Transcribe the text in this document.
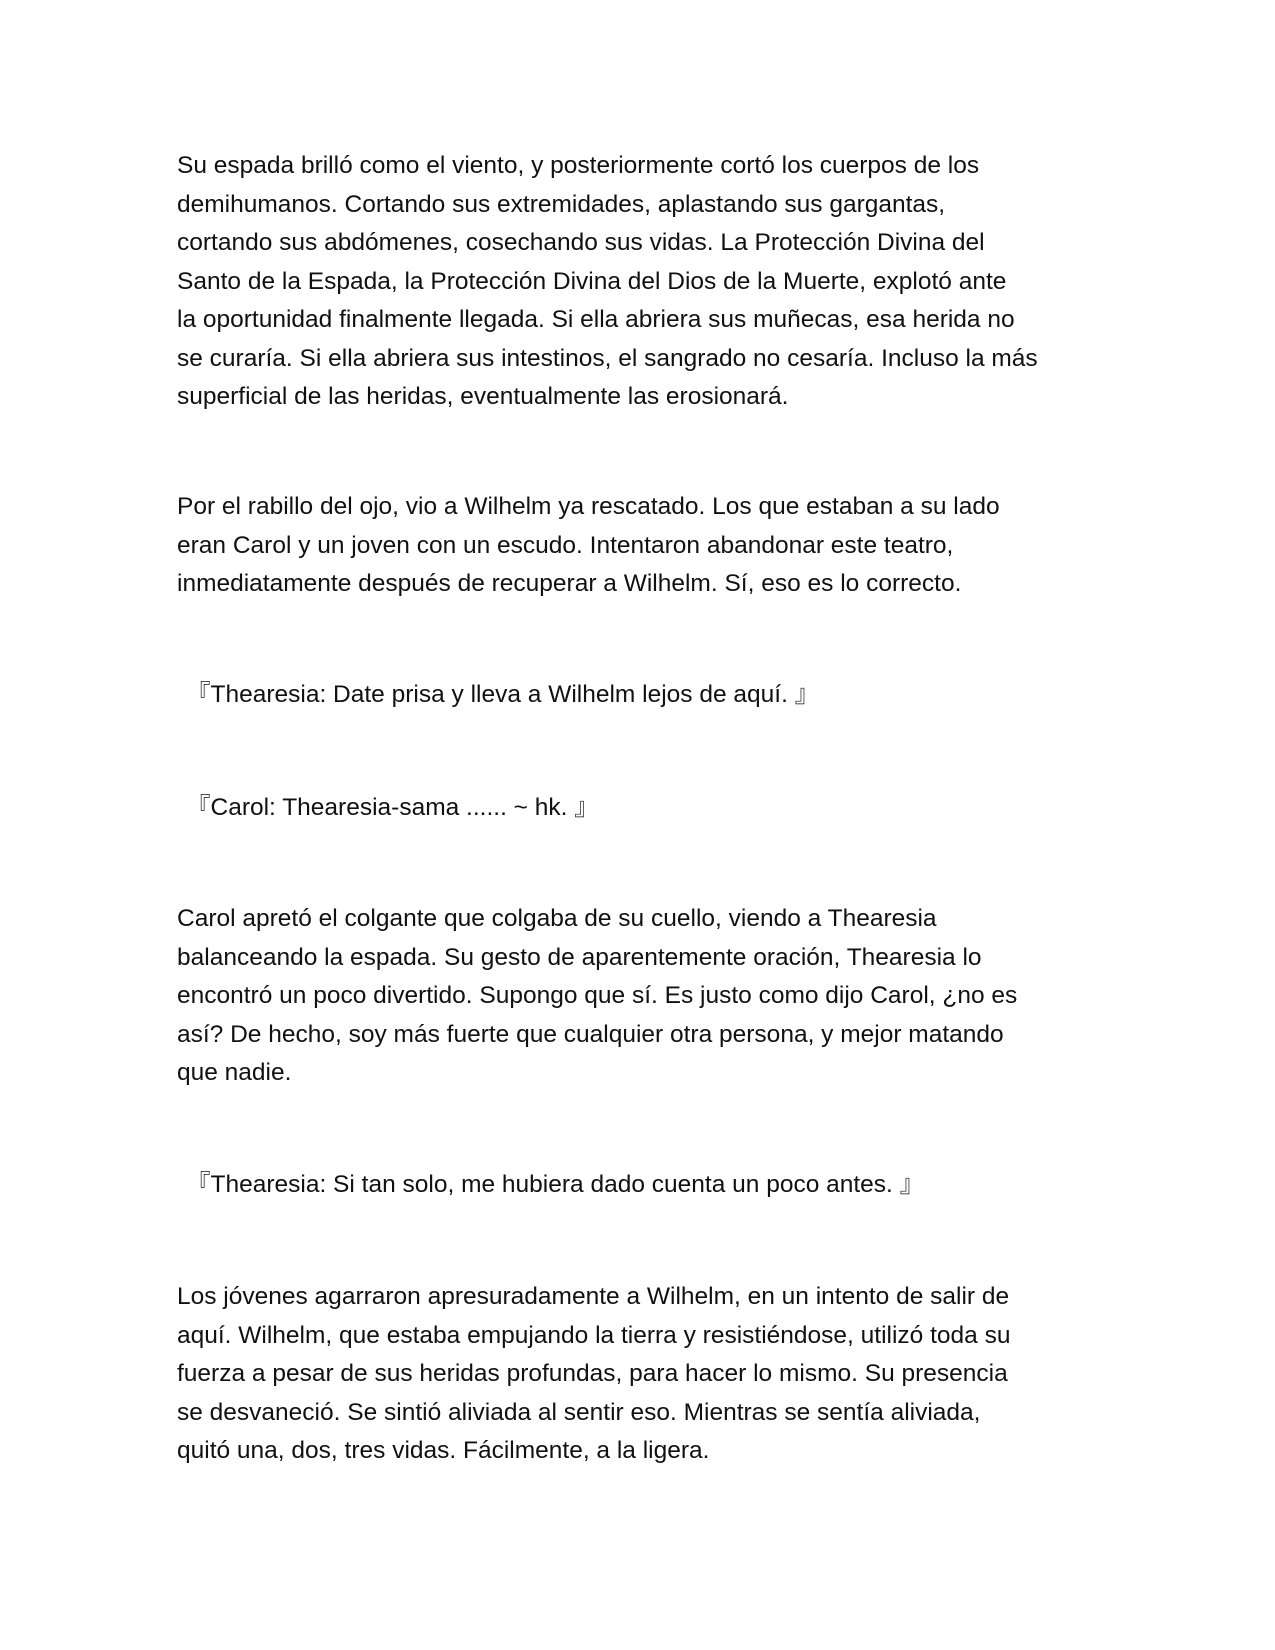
Su espada brilló como el viento, y posteriormente cortó los cuerpos de los
demihumanos. Cortando sus extremidades, aplastando sus gargantas,
cortando sus abdómenes, cosechando sus vidas. La Protección Divina del
Santo de la Espada, la Protección Divina del Dios de la Muerte, explotó ante
la oportunidad finalmente llegada. Si ella abriera sus muñecas, esa herida no
se curaría. Si ella abriera sus intestinos, el sangrado no cesaría. Incluso la más
superficial de las heridas, eventualmente las erosionará.

Por el rabillo del ojo, vio a Wilhelm ya rescatado. Los que estaban a su lado
eran Carol y un joven con un escudo. Intentaron abandonar este teatro,
inmediatamente después de recuperar a Wilhelm. Sí, eso es lo correcto.

『Thearesia: Date prisa y lleva a Wilhelm lejos de aquí. 』

『Carol: Thearesia-sama ...... ~ hk. 』

Carol apretó el colgante que colgaba de su cuello, viendo a Thearesia
balanceando la espada. Su gesto de aparentemente oración, Thearesia lo
encontró un poco divertido. Supongo que sí. Es justo como dijo Carol, ¿no es
así? De hecho, soy más fuerte que cualquier otra persona, y mejor matando
que nadie.

『Thearesia: Si tan solo, me hubiera dado cuenta un poco antes. 』

Los jóvenes agarraron apresuradamente a Wilhelm, en un intento de salir de
aquí. Wilhelm, que estaba empujando la tierra y resistiéndose, utilizó toda su
fuerza a pesar de sus heridas profundas, para hacer lo mismo. Su presencia
se desvaneció. Se sintió aliviada al sentir eso. Mientras se sentía aliviada,
quitó una, dos, tres vidas. Fácilmente, a la ligera.
